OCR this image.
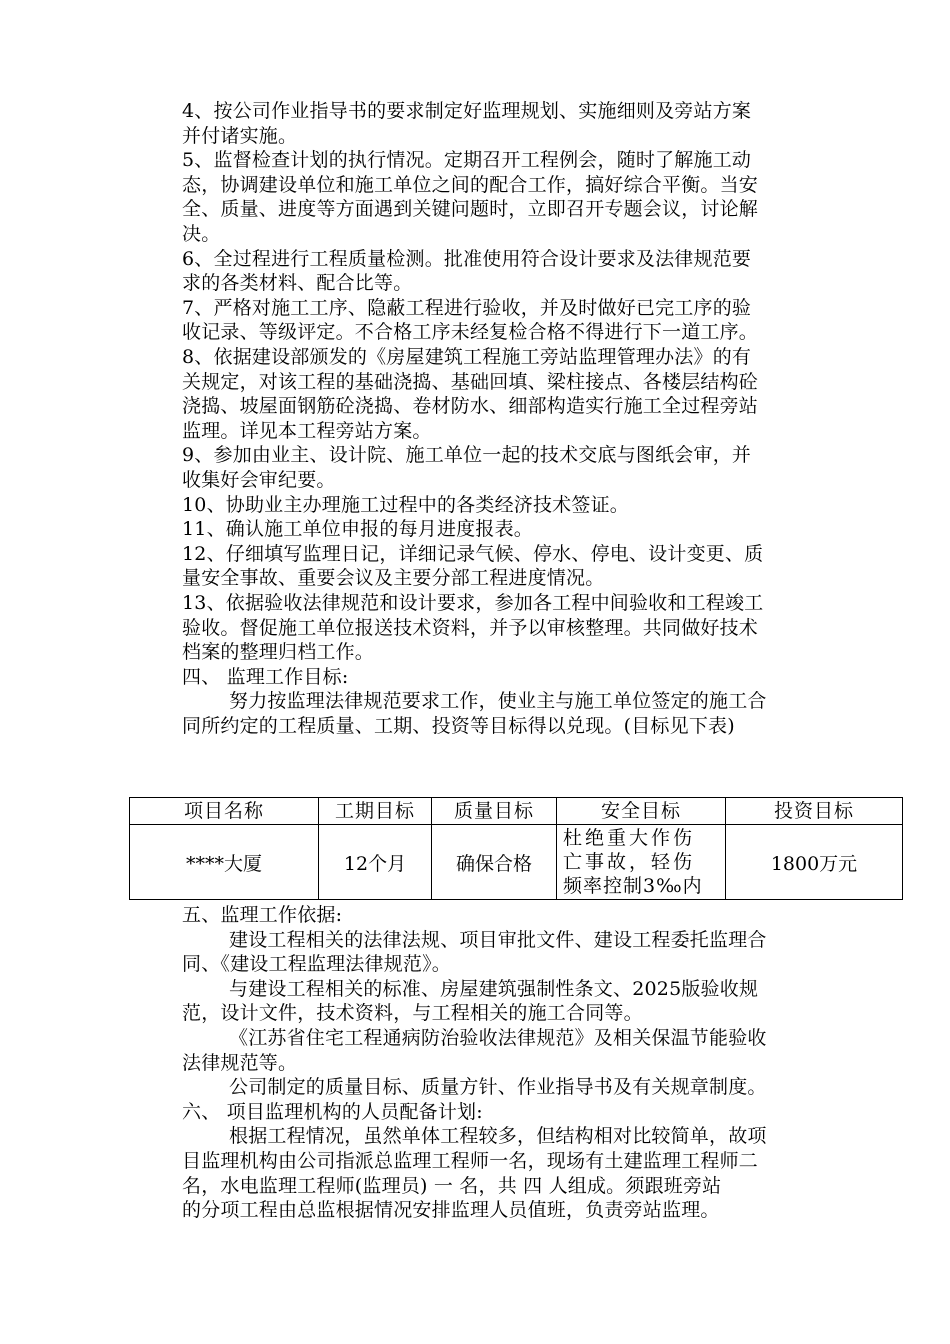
4、按公司作业指导书的要求制定好监理规划、实施细则及旁站方案
并付诸实施。
5、监督检查计划的执行情况。定期召开工程例会，随时了解施工动
态，协调建设单位和施工单位之间的配合工作，搞好综合平衡。当安
全、质量、进度等方面遇到关键问题时，立即召开专题会议，讨论解
决。
6、全过程进行工程质量检测。批准使用符合设计要求及法律规范要
求的各类材料、配合比等。
7、严格对施工工序、隐蔽工程进行验收，并及时做好已完工序的验
收记录、等级评定。不合格工序未经复检合格不得进行下一道工序。
8、依据建设部颁发的《房屋建筑工程施工旁站监理管理办法》的有
关规定，对该工程的基础浇捣、基础回填、梁柱接点、各楼层结构砼
浇捣、坡屋面钢筋砼浇捣、卷材防水、细部构造实行施工全过程旁站
监理。详见本工程旁站方案。
9、参加由业主、设计院、施工单位一起的技术交底与图纸会审，并
收集好会审纪要。
10、协助业主办理施工过程中的各类经济技术签证。
11、确认施工单位申报的每月进度报表。
12、仔细填写监理日记，详细记录气候、停水、停电、设计变更、质
量安全事故、重要会议及主要分部工程进度情况。
13、依据验收法律规范和设计要求，参加各工程中间验收和工程竣工
验收。督促施工单位报送技术资料，并予以审核整理。共同做好技术
档案的整理归档工作。
四、 监理工作目标:
努力按监理法律规范要求工作，使业主与施工单位签定的施工合
同所约定的工程质量、工期、投资等目标得以兑现。(目标见下表)
五、监理工作依据:
建设工程相关的法律法规、项目审批文件、建设工程委托监理合
同、《建设工程监理法律规范》。
与建设工程相关的标准、房屋建筑强制性条文、2025版验收规
范，设计文件，技术资料，与工程相关的施工合同等。
《江苏省住宅工程通病防治验收法律规范》及相关保温节能验收
法律规范等。
公司制定的质量目标、质量方针、作业指导书及有关规章制度。
六、 项目监理机构的人员配备计划:
根据工程情况，虽然单体工程较多，但结构相对比较简单，故项
目监理机构由公司指派总监理工程师一名，现场有土建监理工程师二
名，水电监理工程师(监理员) 一 名，共 四 人组成。须跟班旁站
的分项工程由总监根据情况安排监理人员值班，负责旁站监理。
项目名称	工期目标	质量目标	安全目标	投资目标
****大厦	12个月	确保合格	杜绝重大作伤
亡事故，轻伤
频率控制3‰内	1800万元
